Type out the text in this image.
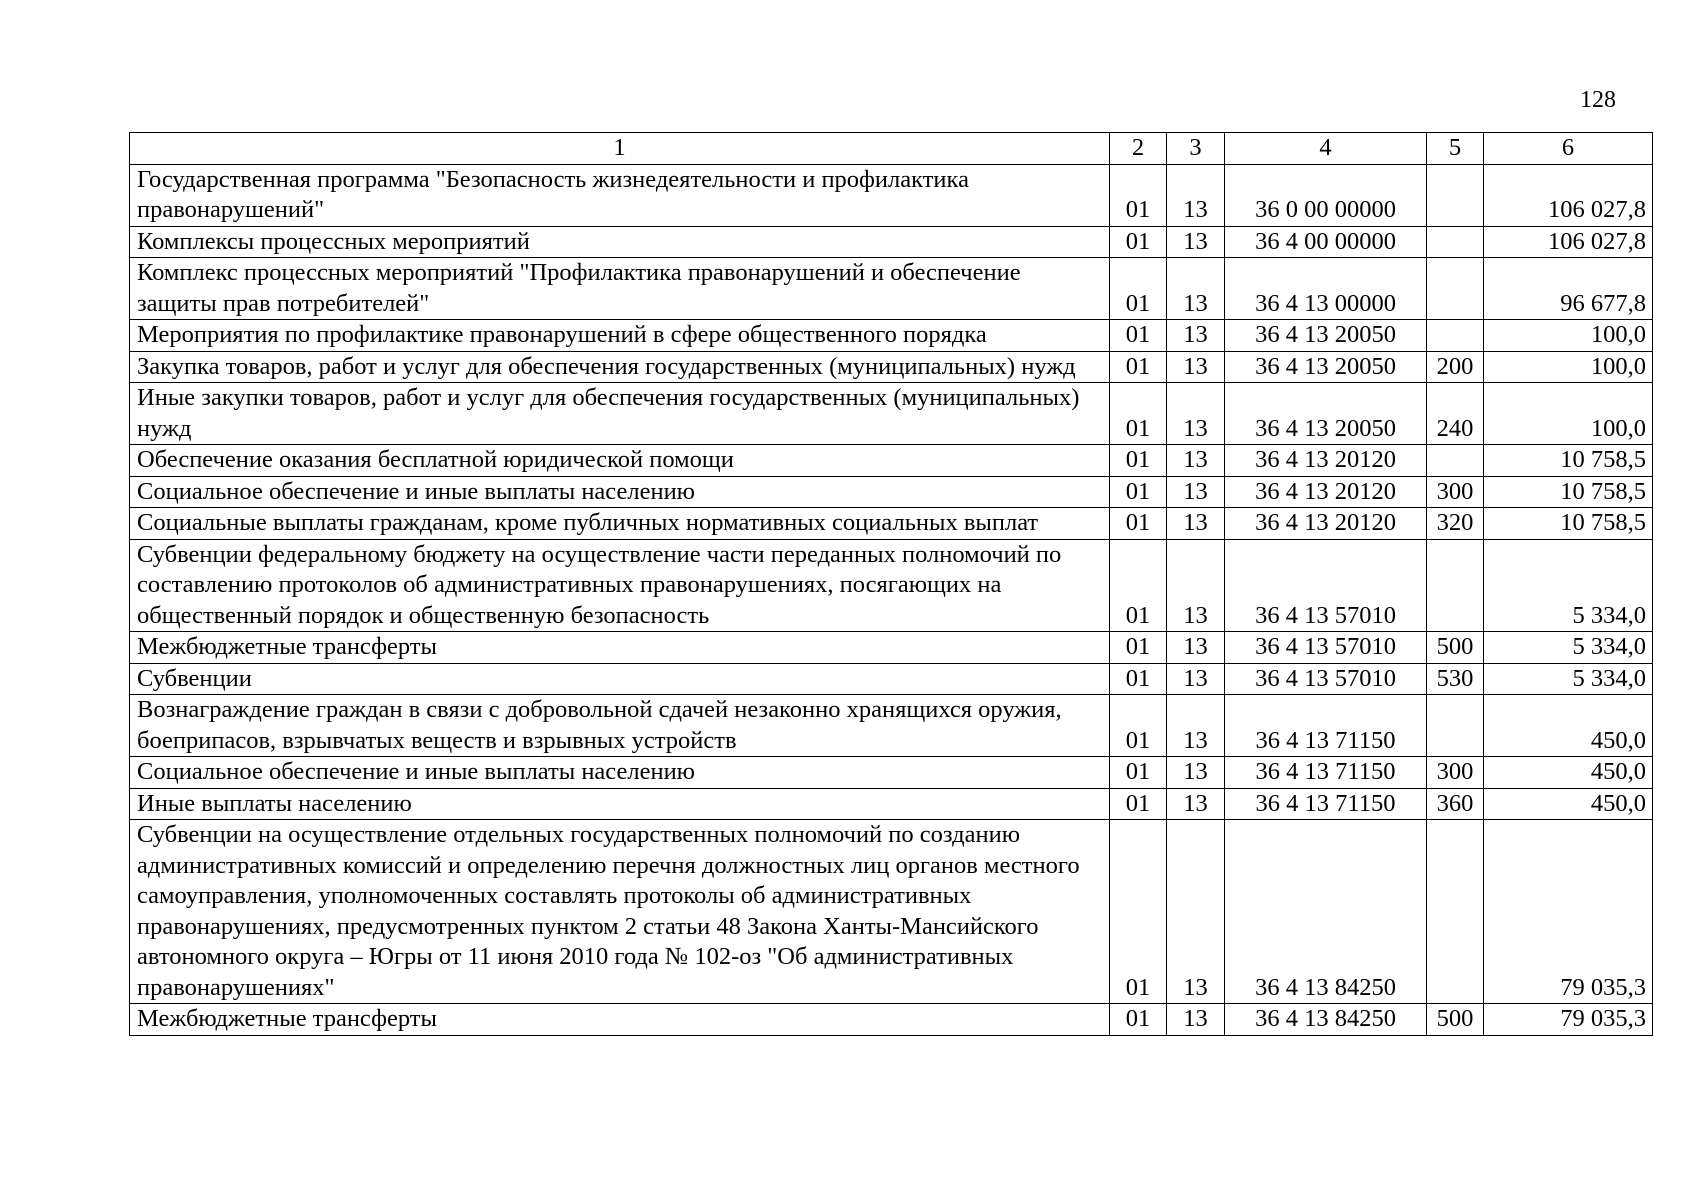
128
1	2	3	4	5	6
Государственная программа "Безопасность жизнедеятельности и профилактика правонарушений"	01	13	36 0 00 00000		106 027,8
Комплексы процессных мероприятий	01	13	36 4 00 00000		106 027,8
Комплекс процессных мероприятий "Профилактика правонарушений и обеспечение защиты прав потребителей"	01	13	36 4 13 00000		96 677,8
Мероприятия по профилактике правонарушений в сфере общественного порядка	01	13	36 4 13 20050		100,0
Закупка товаров, работ и услуг для обеспечения государственных (муниципальных) нужд	01	13	36 4 13 20050	200	100,0
Иные закупки товаров, работ и услуг для обеспечения государственных (муниципальных) нужд	01	13	36 4 13 20050	240	100,0
Обеспечение оказания бесплатной юридической помощи	01	13	36 4 13 20120		10 758,5
Социальное обеспечение и иные выплаты населению	01	13	36 4 13 20120	300	10 758,5
Социальные выплаты гражданам, кроме публичных нормативных социальных выплат	01	13	36 4 13 20120	320	10 758,5
Субвенции федеральному бюджету на осуществление части переданных полномочий по составлению протоколов об административных правонарушениях, посягающих на общественный порядок и общественную безопасность	01	13	36 4 13 57010		5 334,0
Межбюджетные трансферты	01	13	36 4 13 57010	500	5 334,0
Субвенции	01	13	36 4 13 57010	530	5 334,0
Вознаграждение граждан в связи с добровольной сдачей незаконно хранящихся оружия, боеприпасов, взрывчатых веществ и взрывных устройств	01	13	36 4 13 71150		450,0
Социальное обеспечение и иные выплаты населению	01	13	36 4 13 71150	300	450,0
Иные выплаты населению	01	13	36 4 13 71150	360	450,0
Субвенции на осуществление отдельных государственных полномочий по созданию административных комиссий и определению перечня должностных лиц органов местного самоуправления, уполномоченных составлять протоколы об административных правонарушениях, предусмотренных пунктом 2 статьи 48 Закона Ханты-Мансийского автономного округа – Югры от 11 июня 2010 года № 102-оз "Об административных правонарушениях"	01	13	36 4 13 84250		79 035,3
Межбюджетные трансферты	01	13	36 4 13 84250	500	79 035,3
